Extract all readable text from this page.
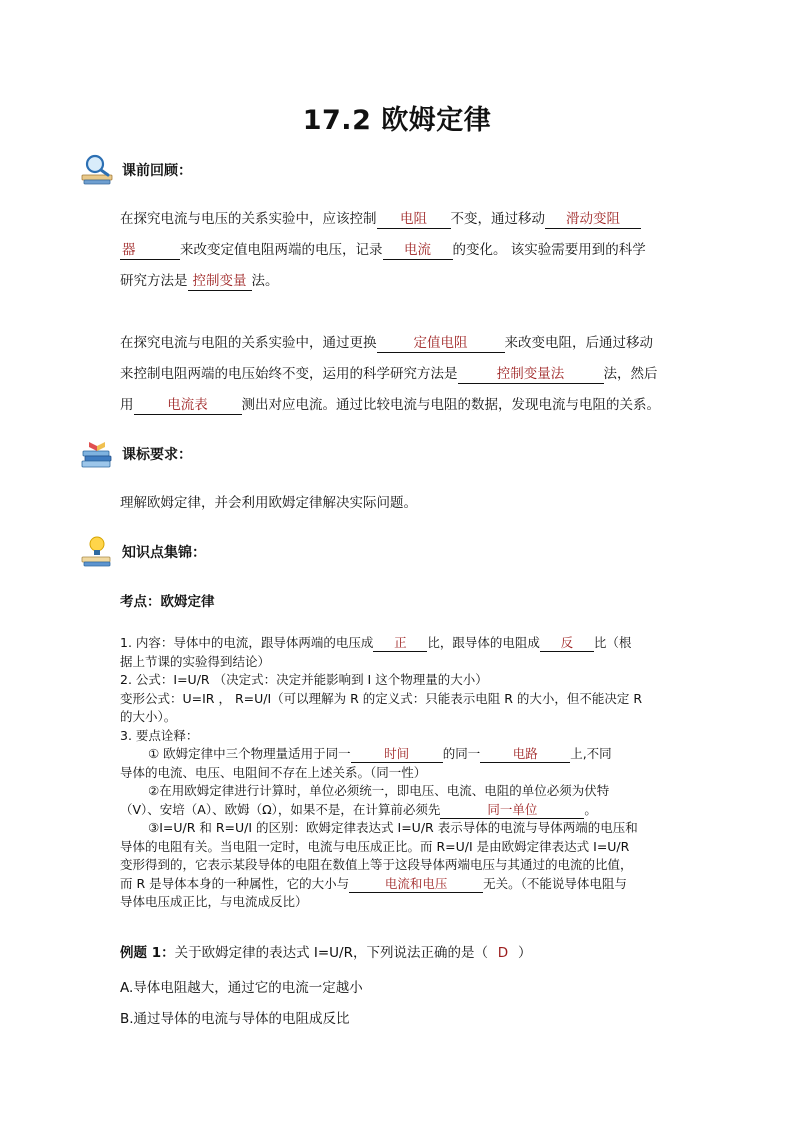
17.2 欧姆定律
课前回顾：
在探究电流与电压的关系实验中，应该控制 电阻 不变，通过移动 滑动变阻
器	来改变定值电阻两端的电压，记录 电流 的变化。 该实验需要用到的科学
研究方法是 控制变量 法。
在探究电流与电阻的关系实验中，通过更换	定值电阻	来改变电阻，后通过移动
来控制电阻两端的电压始终不变，运用的科学研究方法是	控制变量法	法，然后
用	电流表	测出对应电流。通过比较电流与电阻的数据，发现电流与电阻的关系。
课标要求：
理解欧姆定律，并会利用欧姆定律解决实际问题。
知识点集锦：
考点：欧姆定律
1. 内容：导体中的电流，跟导体两端的电压成 正 比，跟导体的电阻成 反 比（根
据上节课的实验得到结论）
2. 公式：I=U/R （决定式：决定并能影响到 I 这个物理量的大小）
变形公式：U=IR ， R=U/I（可以理解为 R 的定义式：只能表示电阻 R 的大小，但不能决定 R
的大小）。
3. 要点诠释：
① 欧姆定律中三个物理量适用于同一	时间	的同一	电路	上,不同
导体的电流、电压、电阻间不存在上述关系。（同一性）
②在用欧姆定律进行计算时，单位必须统一，即电压、电流、电阻的单位必须为伏特
（V）、安培（A）、欧姆（Ω），如果不是，在计算前必须先	同一单位	。
③I=U/R 和 R=U/I 的区别：欧姆定律表达式 I=U/R 表示导体的电流与导体两端的电压和
导体的电阻有关。当电阻一定时，电流与电压成正比。而 R=U/I 是由欧姆定律表达式 I=U/R
变形得到的，它表示某段导体的电阻在数值上等于这段导体两端电压与其通过的电流的比值，
而 R 是导体本身的一种属性，它的大小与	电流和电压	无关。（不能说导体电阻与
导体电压成正比，与电流成反比）
例题 1：关于欧姆定律的表达式 I=U/R，下列说法正确的是（ D ）
A.导体电阻越大，通过它的电流一定越小
B.通过导体的电流与导体的电阻成反比
